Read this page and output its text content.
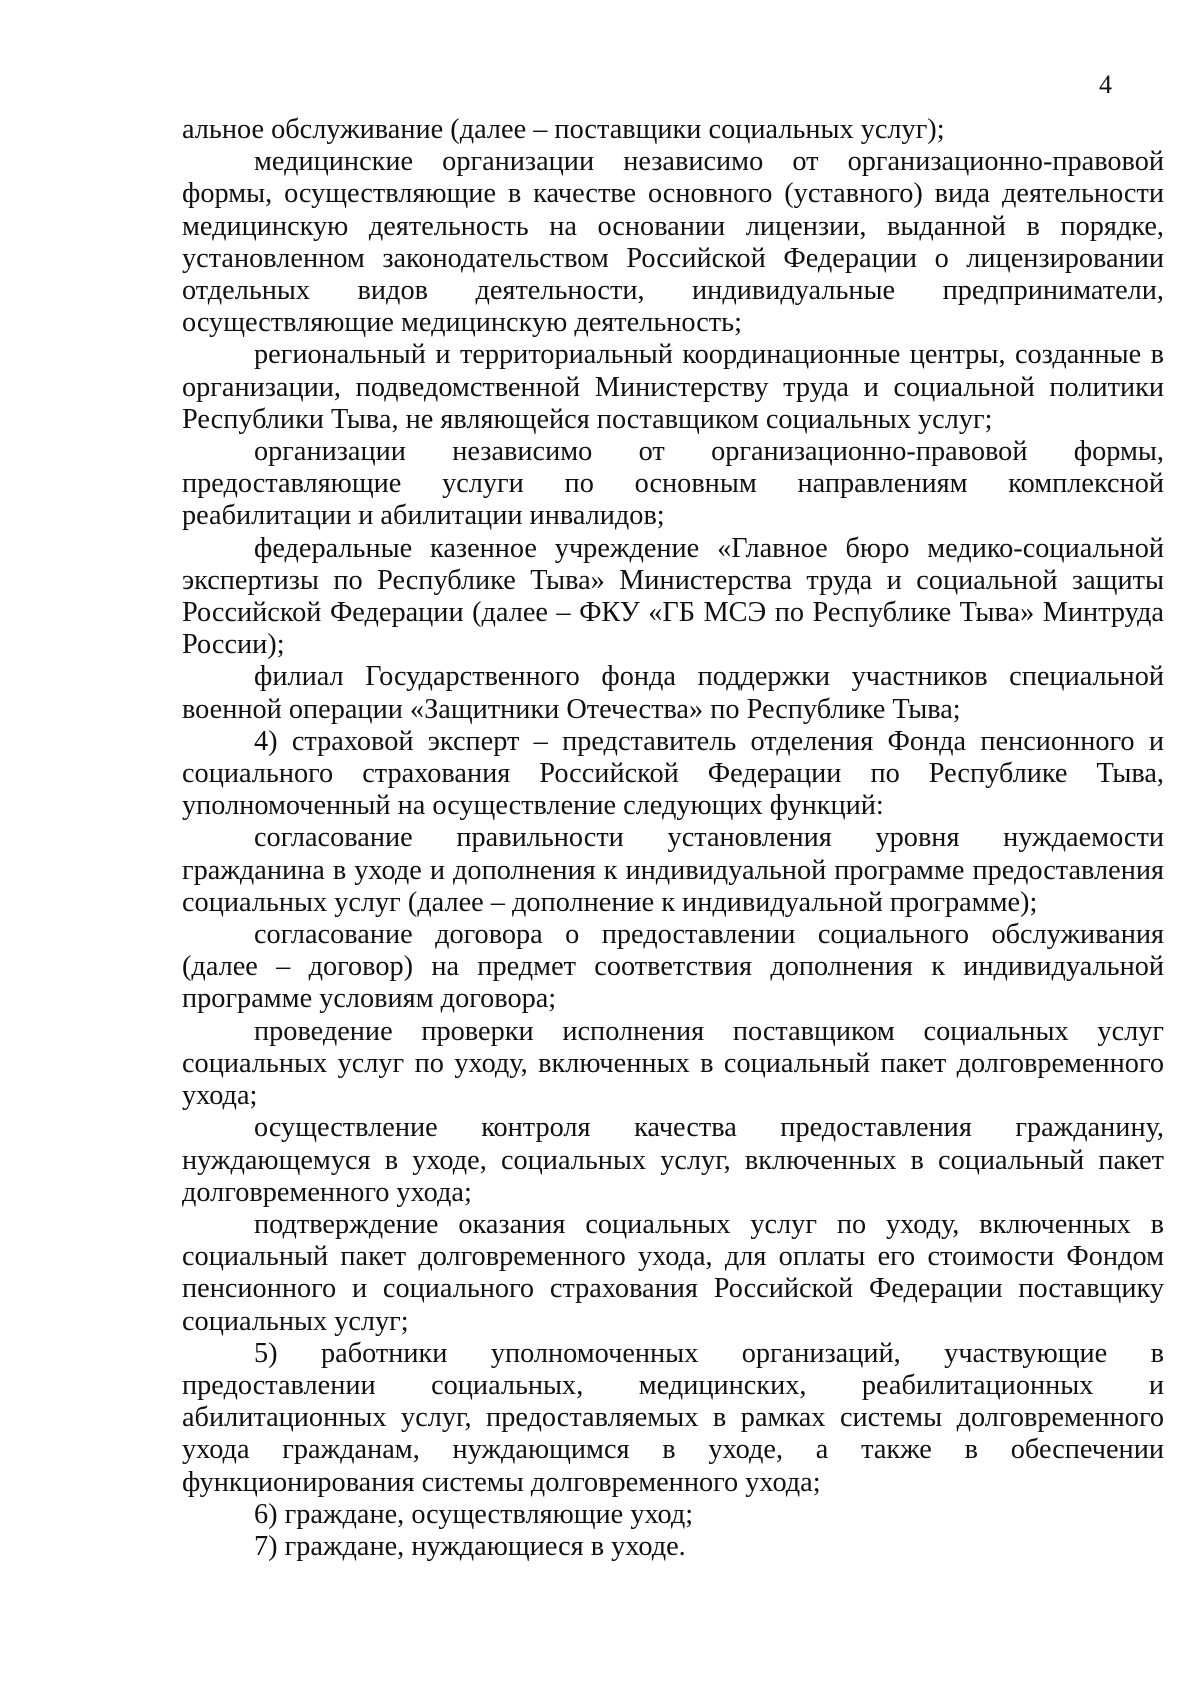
4

альное обслуживание (далее – поставщики социальных услуг);

медицинские организации независимо от организационно-правовой формы, осуществляющие в качестве основного (уставного) вида деятельности медицинскую деятельность на основании лицензии, выданной в порядке, установленном законодательством Российской Федерации о лицензировании отдельных видов деятельности, индивидуальные предприниматели, осуществляющие медицинскую деятельность;

региональный и территориальный координационные центры, созданные в организации, подведомственной Министерству труда и социальной политики Республики Тыва, не являющейся поставщиком социальных услуг;

организации независимо от организационно-правовой формы, предоставляющие услуги по основным направлениям комплексной реабилитации и абилитации инвалидов;

федеральные казенное учреждение «Главное бюро медико-социальной экспертизы по Республике Тыва» Министерства труда и социальной защиты Российской Федерации (далее – ФКУ «ГБ МСЭ по Республике Тыва» Минтруда России);

филиал Государственного фонда поддержки участников специальной военной операции «Защитники Отечества» по Республике Тыва;

4) страховой эксперт – представитель отделения Фонда пенсионного и социального страхования Российской Федерации по Республике Тыва, уполномоченный на осуществление следующих функций:

согласование правильности установления уровня нуждаемости гражданина в уходе и дополнения к индивидуальной программе предоставления социальных услуг (далее – дополнение к индивидуальной программе);

согласование договора о предоставлении социального обслуживания (далее – договор) на предмет соответствия дополнения к индивидуальной программе условиям договора;

проведение проверки исполнения поставщиком социальных услуг социальных услуг по уходу, включенных в социальный пакет долговременного ухода;

осуществление контроля качества предоставления гражданину, нуждающемуся в уходе, социальных услуг, включенных в социальный пакет долговременного ухода;

подтверждение оказания социальных услуг по уходу, включенных в социальный пакет долговременного ухода, для оплаты его стоимости Фондом пенсионного и социального страхования Российской Федерации поставщику социальных услуг;

5) работники уполномоченных организаций, участвующие в предоставлении социальных, медицинских, реабилитационных и абилитационных услуг, предоставляемых в рамках системы долговременного ухода гражданам, нуждающимся в уходе, а также в обеспечении функционирования системы долговременного ухода;

6) граждане, осуществляющие уход;

7) граждане, нуждающиеся в уходе.
